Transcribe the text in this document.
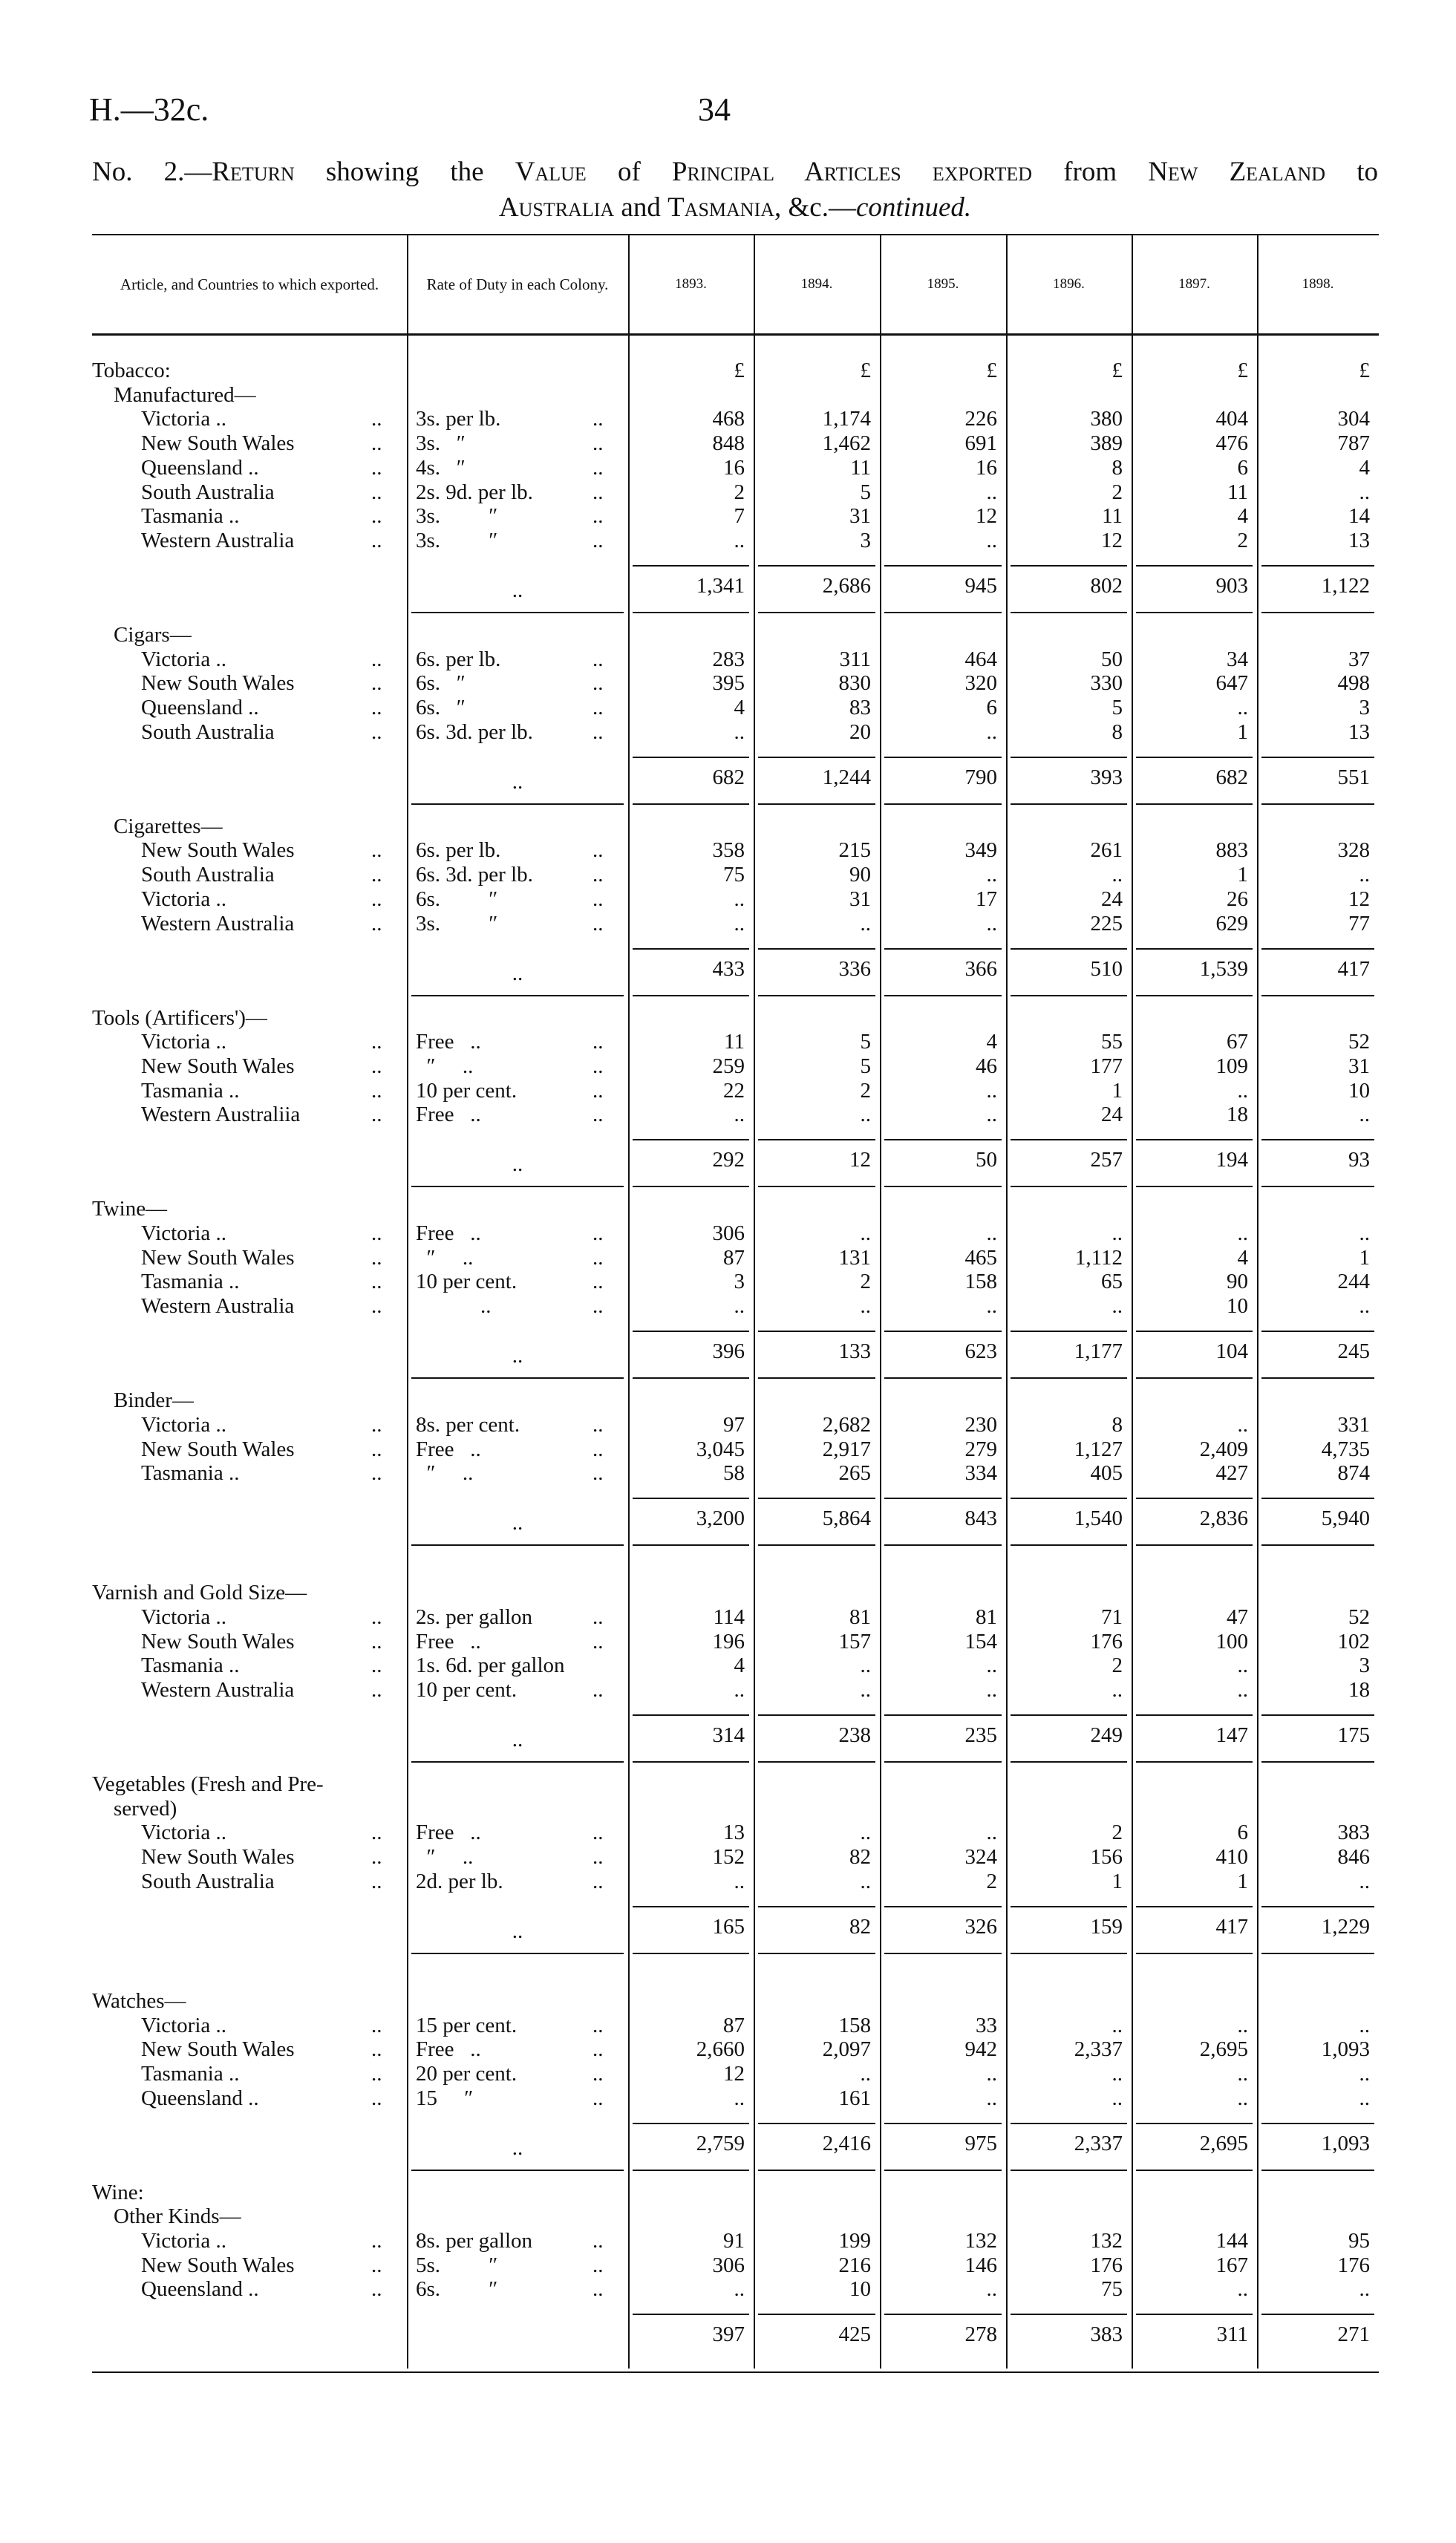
H.—32c.	34
No. 2.—Return showing the Value of Principal Articles exported from New Zealand to
Australia and Tasmania, &c.—continued.
Article, and Countries to which exported.	Rate of Duty in each Colony.	1893.	1894.	1895.	1896.	1897.	1898.
Tobacco:	£	£	£	£	£	£
Manufactured—
Victoria ..	..	3s. per lb.	..	468	1,174	226	380	404	304
New South Wales	..	3s.   ″	..	848	1,462	691	389	476	787
Queensland ..	..	4s.   ″	..	16	11	16	8	6	4
South Australia	..	2s. 9d. per lb.	..	2	5	..	2	11	..
Tasmania ..	..	3s.         ″	..	7	31	12	11	4	14
Western Australia	..	3s.         ″	..	..	3	..	12	2	13
..	1,341	2,686	945	802	903	1,122
Cigars—
Victoria ..	..	6s. per lb.	..	283	311	464	50	34	37
New South Wales	..	6s.   ″	..	395	830	320	330	647	498
Queensland ..	..	6s.   ″	..	4	83	6	5	..	3
South Australia	..	6s. 3d. per lb.	..	..	20	..	8	1	13
..	682	1,244	790	393	682	551
Cigarettes—
New South Wales	..	6s. per lb.	..	358	215	349	261	883	328
South Australia	..	6s. 3d. per lb.	..	75	90	..	..	1	..
Victoria ..	..	6s.         ″	..	..	31	17	24	26	12
Western Australia	..	3s.         ″	..	..	..	..	225	629	77
..	433	336	366	510	1,539	417
Tools (Artificers')—
Victoria ..	..	Free   ..	..	11	5	4	55	67	52
New South Wales	..	″     ..	..	259	5	46	177	109	31
Tasmania ..	..	10 per cent.	..	22	2	..	1	..	10
Western Australiia	..	Free   ..	..	..	..	..	24	18	..
..	292	12	50	257	194	93
Twine—
Victoria ..	..	Free   ..	..	306	..	..	..	..	..
New South Wales	..	″     ..	..	87	131	465	1,112	4	1
Tasmania ..	..	10 per cent.	..	3	2	158	65	90	244
Western Australia	..	..	..	..	..	..	..	10	..
..	396	133	623	1,177	104	245
Binder—
Victoria ..	..	8s. per cent.	..	97	2,682	230	8	..	331
New South Wales	..	Free   ..	..	3,045	2,917	279	1,127	2,409	4,735
Tasmania ..	..	″     ..	..	58	265	334	405	427	874
..	3,200	5,864	843	1,540	2,836	5,940
Varnish and Gold Size—
Victoria ..	..	2s. per gallon	..	114	81	81	71	47	52
New South Wales	..	Free   ..	..	196	157	154	176	100	102
Tasmania ..	..	1s. 6d. per gallon	4	..	..	2	..	3
Western Australia	..	10 per cent.	..	..	..	..	..	..	18
..	314	238	235	249	147	175
Vegetables (Fresh and Pre-
served)
Victoria ..	..	Free   ..	..	13	..	..	2	6	383
New South Wales	..	″     ..	..	152	82	324	156	410	846
South Australia	..	2d. per lb.	..	..	..	2	1	1	..
..	165	82	326	159	417	1,229
Watches—
Victoria ..	..	15 per cent.	..	87	158	33	..	..	..
New South Wales	..	Free   ..	..	2,660	2,097	942	2,337	2,695	1,093
Tasmania ..	..	20 per cent.	..	12	..	..	..	..	..
Queensland ..	..	15     ″	..	..	161	..	..	..	..
..	2,759	2,416	975	2,337	2,695	1,093
Wine:
Other Kinds—
Victoria ..	..	8s. per gallon	..	91	199	132	132	144	95
New South Wales	..	5s.         ″	..	306	216	146	176	167	176
Queensland ..	..	6s.         ″	..	..	10	..	75	..	..
397	425	278	383	311	271
